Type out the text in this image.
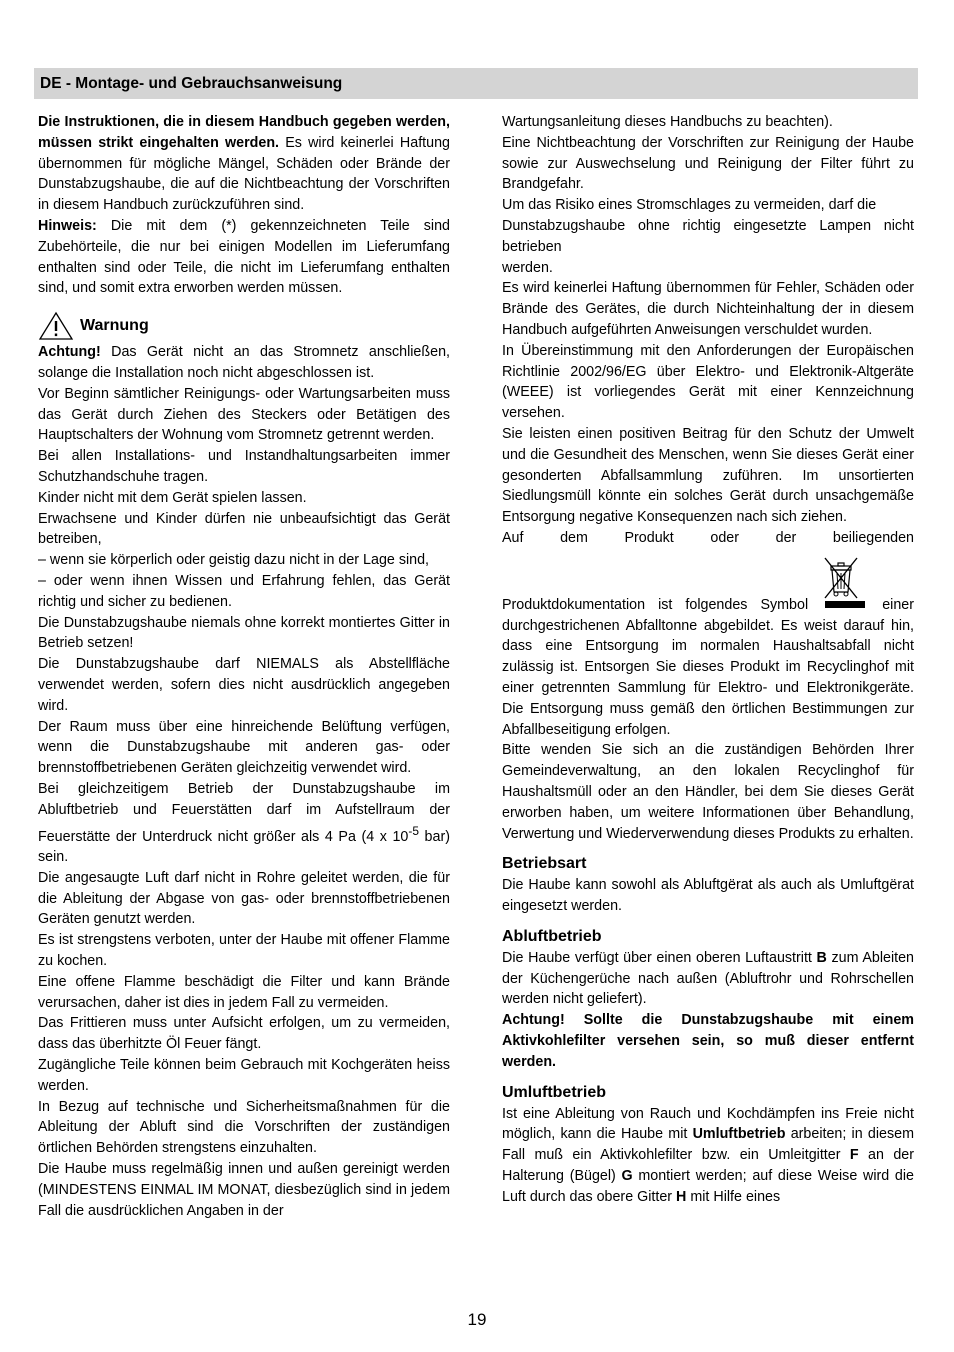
DE - Montage- und Gebrauchsanweisung

Die Instruktionen, die in diesem Handbuch gegeben werden, müssen strikt eingehalten werden. Es wird keinerlei Haftung übernommen für mögliche Mängel, Schäden oder Brände der Dunstabzugshaube, die auf die Nichtbeachtung der Vorschriften in diesem Handbuch zurückzuführen sind.

Hinweis: Die mit dem (*) gekennzeichneten Teile sind Zubehörteile, die nur bei einigen Modellen im Lieferumfang enthalten sind oder Teile, die nicht im Lieferumfang enthalten sind, und somit extra erworben werden müssen.

Warnung

Achtung! Das Gerät nicht an das Stromnetz anschließen, solange die Installation noch nicht abgeschlossen ist.

Vor Beginn sämtlicher Reinigungs- oder Wartungsarbeiten muss das Gerät durch Ziehen des Steckers oder Betätigen des Hauptschalters der Wohnung vom Stromnetz getrennt werden.

Bei allen Installations- und Instandhaltungsarbeiten immer Schutzhandschuhe tragen.

Kinder nicht mit dem Gerät spielen lassen.

Erwachsene und Kinder dürfen nie unbeaufsichtigt das Gerät betreiben,

– wenn sie körperlich oder geistig dazu nicht in der Lage sind,

– oder wenn ihnen Wissen und Erfahrung fehlen, das Gerät richtig und sicher zu bedienen.

Die Dunstabzugshaube niemals ohne korrekt montiertes Gitter in Betrieb setzen!

Die Dunstabzugshaube darf NIEMALS als Abstellfläche verwendet werden, sofern dies nicht ausdrücklich angegeben wird.

Der Raum muss über eine hinreichende Belüftung verfügen, wenn die Dunstabzugshaube mit anderen gas- oder brennstoffbetriebenen Geräten gleichzeitig verwendet wird.

Bei gleichzeitigem Betrieb der Dunstabzugshaube im Abluftbetrieb und Feuerstätten darf im Aufstellraum der Feuerstätte der Unterdruck nicht größer als 4 Pa (4 x $10^{-5}$ bar) sein.

Die angesaugte Luft darf nicht in Rohre geleitet werden, die für die Ableitung der Abgase von gas- oder brennstoffbetriebenen Geräten genutzt werden.

Es ist strengstens verboten, unter der Haube mit offener Flamme zu kochen.

Eine offene Flamme beschädigt die Filter und kann Brände verursachen, daher ist dies in jedem Fall zu vermeiden.

Das Frittieren muss unter Aufsicht erfolgen, um zu vermeiden, dass das überhitzte Öl Feuer fängt.

Zugängliche Teile können beim Gebrauch mit Kochgeräten heiss werden.

In Bezug auf technische und Sicherheitsmaßnahmen für die Ableitung der Abluft sind die Vorschriften der zuständigen örtlichen Behörden strengstens einzuhalten.

Die Haube muss regelmäßig innen und außen gereinigt werden (MINDESTENS EINMAL IM MONAT, diesbezüglich sind in jedem Fall die ausdrücklichen Angaben in der

Wartungsanleitung dieses Handbuchs zu beachten).

Eine Nichtbeachtung der Vorschriften zur Reinigung der Haube sowie zur Auswechselung und Reinigung der Filter führt zu Brandgefahr.

Um das Risiko eines Stromschlages zu vermeiden, darf die

Dunstabzugshaube ohne richtig eingesetzte Lampen nicht betrieben

werden.

Es wird keinerlei Haftung übernommen für Fehler, Schäden oder Brände des Gerätes, die durch Nichteinhaltung der in diesem Handbuch aufgeführten Anweisungen verschuldet wurden.

In Übereinstimmung mit den Anforderungen der Europäischen Richtlinie 2002/96/EG über Elektro- und Elektronik-Altgeräte (WEEE) ist vorliegendes Gerät mit einer Kennzeichnung versehen.

Sie leisten einen positiven Beitrag für den Schutz der Umwelt und die Gesundheit des Menschen, wenn Sie dieses Gerät einer gesonderten Abfallsammlung zuführen. Im unsortierten Siedlungsmüll könnte ein solches Gerät durch unsachgemäße Entsorgung negative Konsequenzen nach sich ziehen.

Auf	dem	Produkt	oder	der	beiliegenden

Produktdokumentation ist folgendes Symbol	einer durchgestrichenen Abfalltonne abgebildet. Es weist darauf hin, dass eine Entsorgung im normalen Haushaltsabfall nicht zulässig ist. Entsorgen Sie dieses Produkt im Recyclinghof mit einer getrennten Sammlung für Elektro- und Elektronikgeräte. Die Entsorgung muss gemäß den örtlichen Bestimmungen zur Abfallbeseitigung erfolgen.

Bitte wenden Sie sich an die zuständigen Behörden Ihrer Gemeindeverwaltung, an den lokalen Recyclinghof für Haushaltsmüll oder an den Händler, bei dem Sie dieses Gerät erworben haben, um weitere Informationen über Behandlung, Verwertung und Wiederverwendung dieses Produkts zu erhalten.

Betriebsart

Die Haube kann sowohl als Abluftgërat als auch als Umluftgërat eingesetzt werden.

Abluftbetrieb

Die Haube verfügt über einen oberen Luftaustritt B zum Ableiten der Küchengerüche nach außen (Abluftrohr und Rohrschellen werden nicht geliefert).

Achtung! Sollte die Dunstabzugshaube mit einem Aktivkohlefilter versehen sein, so muß dieser entfernt werden.

Umluftbetrieb

Ist eine Ableitung von Rauch und Kochdämpfen ins Freie nicht möglich, kann die Haube mit Umluftbetrieb arbeiten; in diesem Fall muß ein Aktivkohlefilter bzw. ein Umleitgitter F an der Halterung (Bügel) G montiert werden; auf diese Weise wird die Luft durch das obere Gitter H mit Hilfe eines

19
